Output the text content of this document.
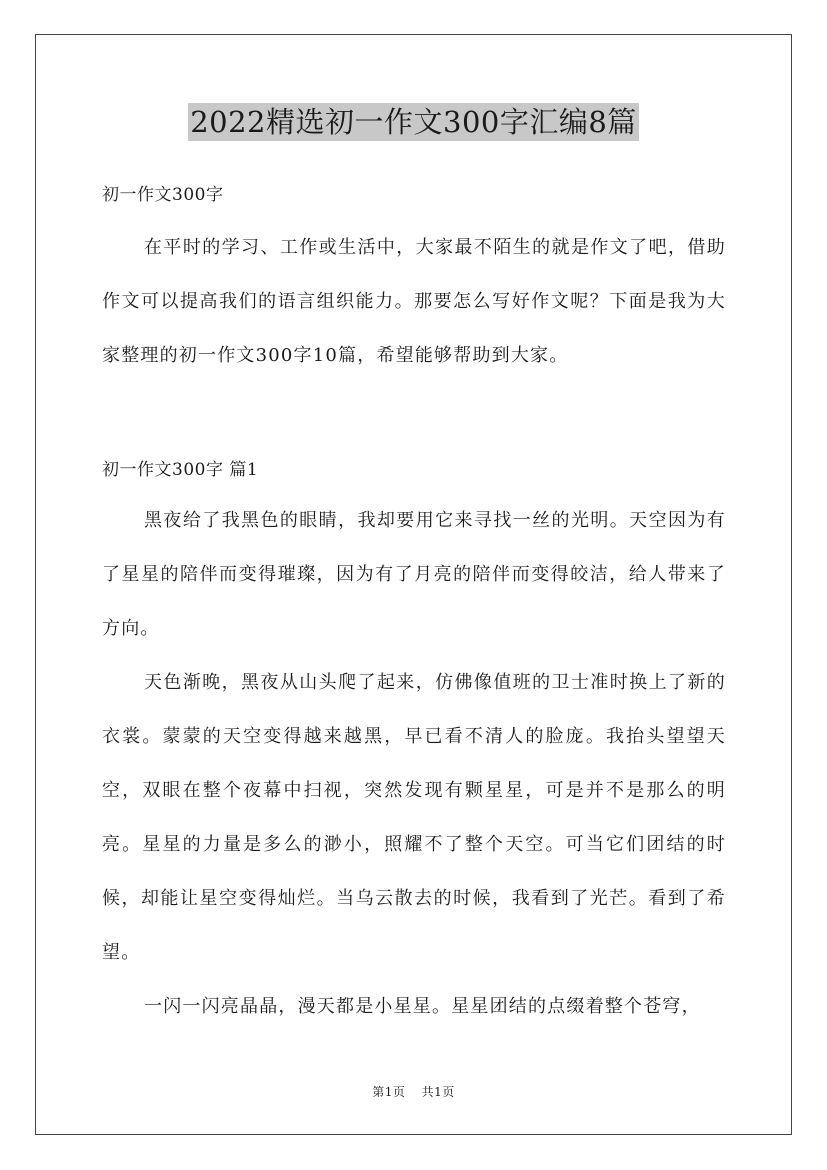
2022精选初一作文300字汇编8篇
初一作文300字

在平时的学习、工作或生活中，大家最不陌生的就是作文了吧，借助作文可以提高我们的语言组织能力。那要怎么写好作文呢？下面是我为大家整理的初一作文300字10篇，希望能够帮助到大家。

初一作文300字 篇1

黑夜给了我黑色的眼睛，我却要用它来寻找一丝的光明。天空因为有了星星的陪伴而变得璀璨，因为有了月亮的陪伴而变得皎洁，给人带来了方向。

天色渐晚，黑夜从山头爬了起来，仿佛像值班的卫士准时换上了新的衣裳。蒙蒙的天空变得越来越黑，早已看不清人的脸庞。我抬头望望天空，双眼在整个夜幕中扫视，突然发现有颗星星，可是并不是那么的明亮。星星的力量是多么的渺小，照耀不了整个天空。可当它们团结的时候，却能让星空变得灿烂。当乌云散去的时候，我看到了光芒。看到了希望。

一闪一闪亮晶晶，漫天都是小星星。星星团结的点缀着整个苍穹，

第1页 共1页
